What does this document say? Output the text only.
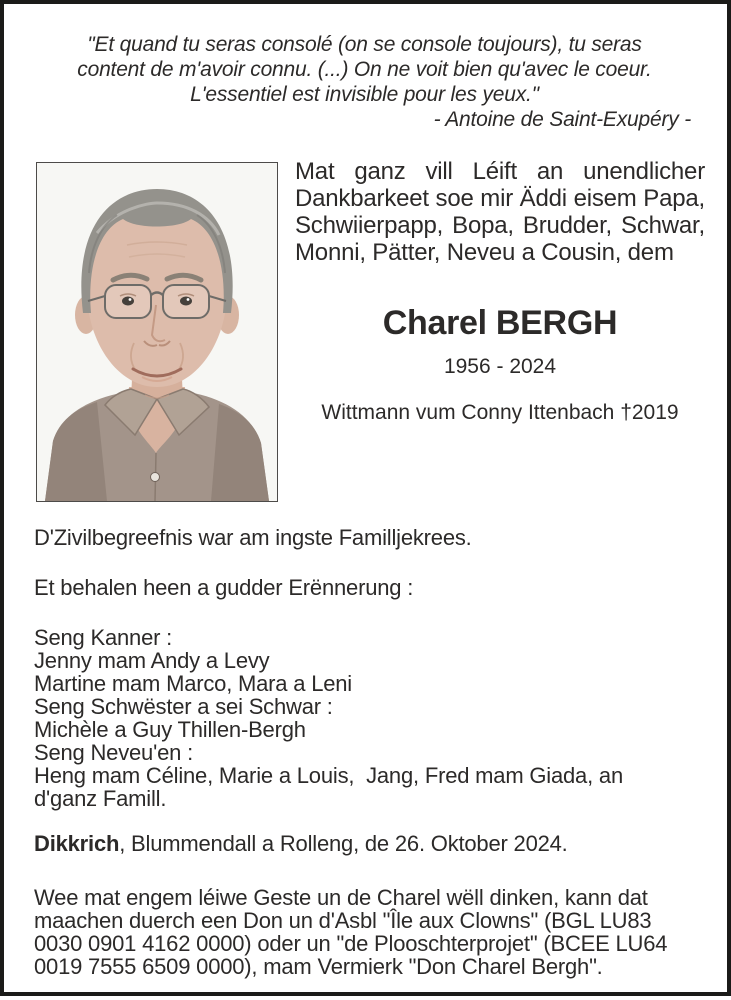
"Et quand tu seras consolé (on se console toujours), tu seras
content de m'avoir connu. (...) On ne voit bien qu'avec le coeur.
L'essentiel est invisible pour les yeux."
- Antoine de Saint-Exupéry -

Mat ganz vill Léift an unendlicher Dankbarkeet soe mir Äddi eisem Papa, Schwiierpapp, Bopa, Brudder, Schwar, Monni, Pätter, Neveu a Cousin, dem

Charel BERGH
1956 - 2024
Wittmann vum Conny Ittenbach †2019
D'Zivilbegreefnis war am ingste Familljekrees.
Et behalen heen a gudder Erënnerung :
Seng Kanner :
Jenny mam Andy a Levy
Martine mam Marco, Mara a Leni
Seng Schwëster a sei Schwar :
Michèle a Guy Thillen-Bergh
Seng Neveu'en :
Heng mam Céline, Marie a Louis,  Jang, Fred mam Giada, an d'ganz Famill.
Dikkrich, Blummendall a Rolleng, de 26. Oktober 2024.

Wee mat engem léiwe Geste un de Charel wëll dinken, kann dat maachen duerch een Don un d'Asbl "Île aux Clowns" (BGL LU83 0030 0901 4162 0000) oder un "de Plooschterprojet" (BCEE LU64 0019 7555 6509 0000), mam Vermierk "Don Charel Bergh".
